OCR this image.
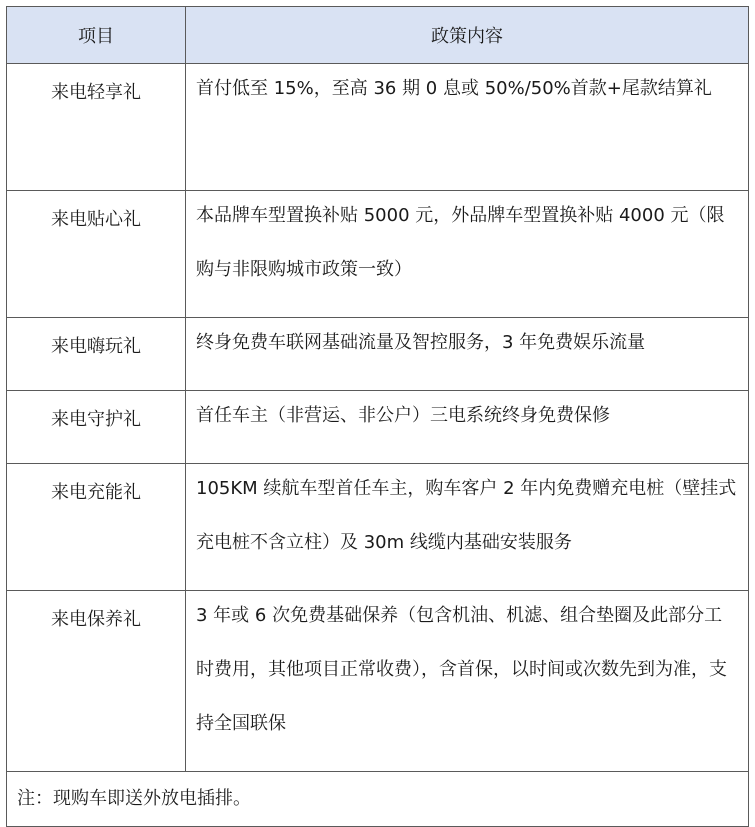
项目	政策内容
来电轻享礼	首付低至 15%，至高 36 期 0 息或 50%/50%首款+尾款结算礼

来电贴心礼	本品牌车型置换补贴 5000 元，外品牌车型置换补贴 4000 元（限购与非限购城市政策一致）

来电嗨玩礼	终身免费车联网基础流量及智控服务，3 年免费娱乐流量

来电守护礼	首任车主（非营运、非公户）三电系统终身免费保修

来电充能礼	105KM 续航车型首任车主，购车客户 2 年内免费赠充电桩（壁挂式充电桩不含立柱）及 30m 线缆内基础安装服务

来电保养礼	3 年或 6 次免费基础保养（包含机油、机滤、组合垫圈及此部分工时费用，其他项目正常收费），含首保，以时间或次数先到为准，支持全国联保

注：现购车即送外放电插排。	
